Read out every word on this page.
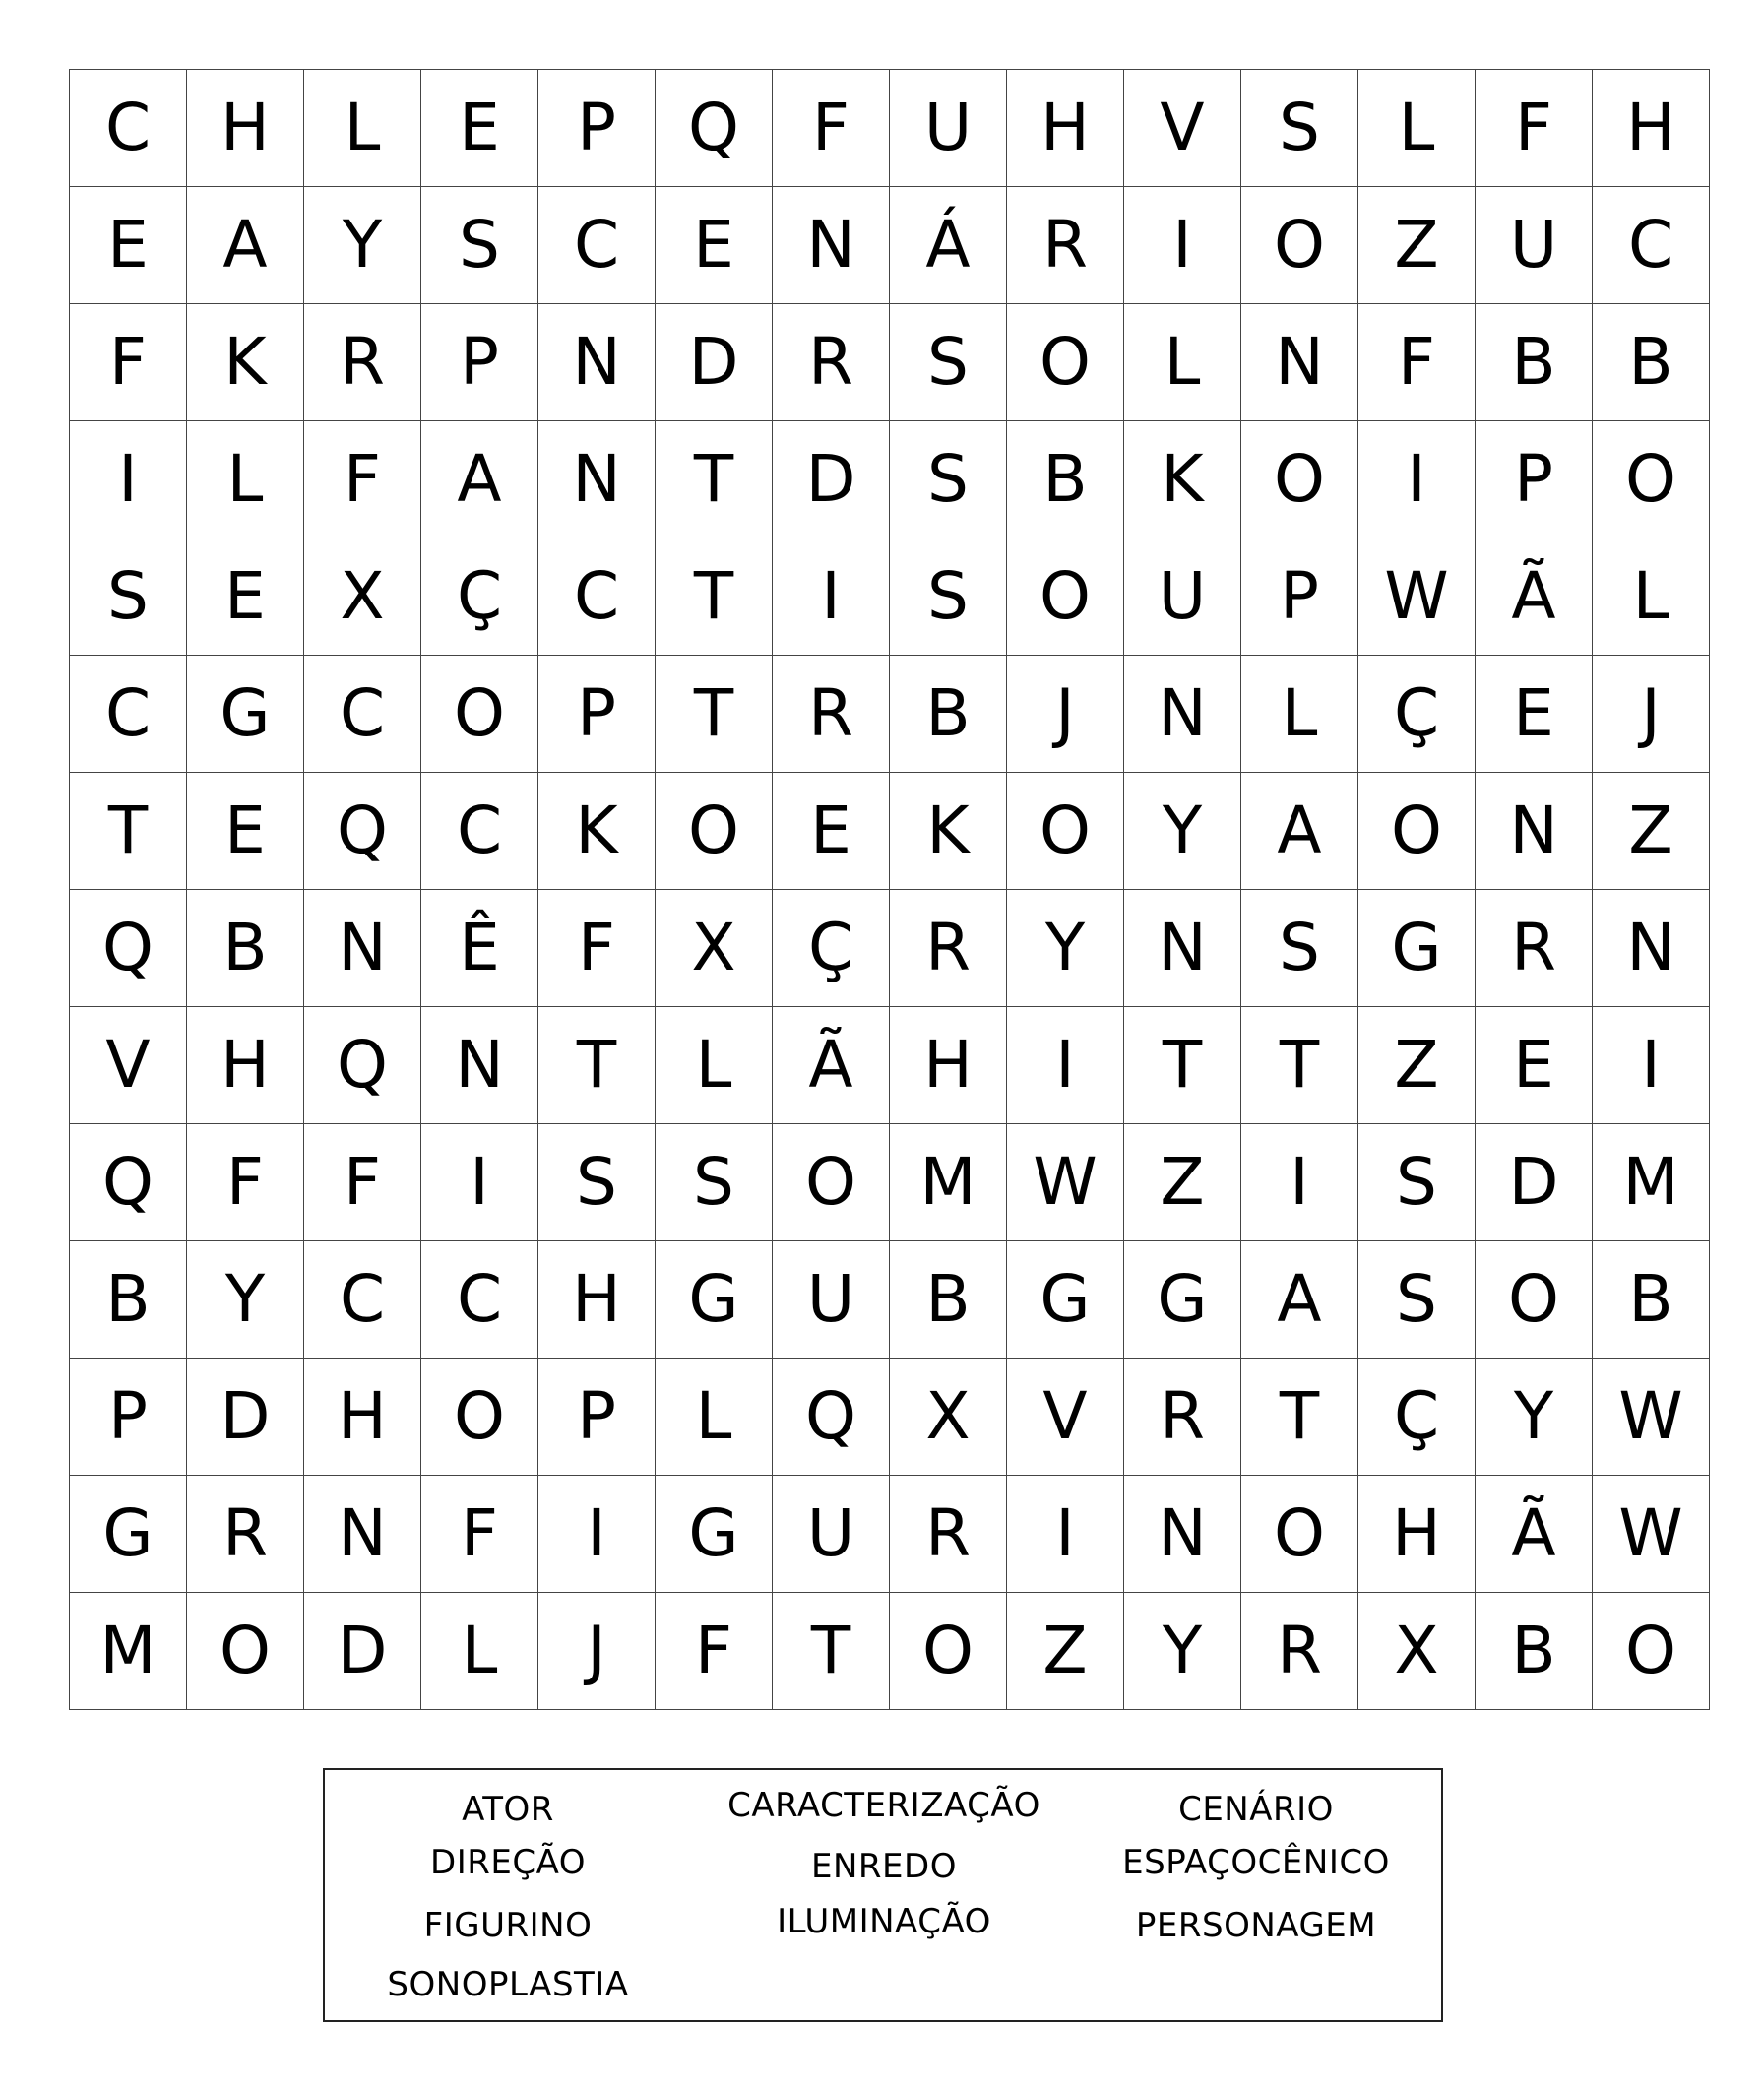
C	H	L	E	P	Q	F	U	H	V	S	L	F	H
E	A	Y	S	C	E	N	Á	R	I	O	Z	U	C
F	K	R	P	N	D	R	S	O	L	N	F	B	B
I	L	F	A	N	T	D	S	B	K	O	I	P	O
S	E	X	Ç	C	T	I	S	O	U	P	W	Ã	L
C	G	C	O	P	T	R	B	J	N	L	Ç	E	J
T	E	Q	C	K	O	E	K	O	Y	A	O	N	Z
Q	B	N	Ê	F	X	Ç	R	Y	N	S	G	R	N
V	H	Q	N	T	L	Ã	H	I	T	T	Z	E	I
Q	F	F	I	S	S	O	M	W	Z	I	S	D	M
B	Y	C	C	H	G	U	B	G	G	A	S	O	B
P	D	H	O	P	L	Q	X	V	R	T	Ç	Y	W
G	R	N	F	I	G	U	R	I	N	O	H	Ã	W
M	O	D	L	J	F	T	O	Z	Y	R	X	B	O
ATOR	CARACTERIZAÇÃO	CENÁRIO
DIREÇÃO	ENREDO	ESPAÇOCÊNICO
FIGURINO	ILUMINAÇÃO	PERSONAGEM
SONOPLASTIA
